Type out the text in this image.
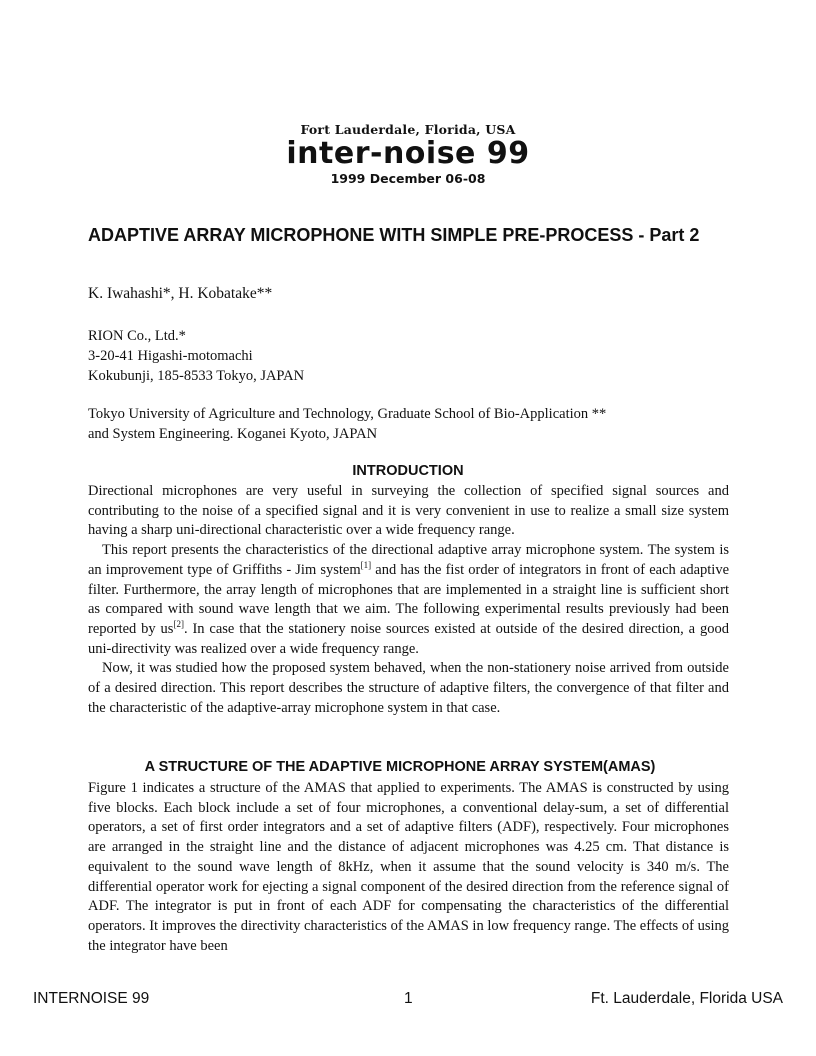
Fort Lauderdale, Florida, USA
inter-noise 99
1999 December 06-08
ADAPTIVE ARRAY MICROPHONE WITH SIMPLE PRE-PROCESS - Part 2
K. Iwahashi*, H. Kobatake**
RION Co., Ltd.*
3-20-41 Higashi-motomachi
Kokubunji, 185-8533 Tokyo, JAPAN
Tokyo University of Agriculture and Technology, Graduate School of Bio-Application **
and System Engineering. Koganei Kyoto, JAPAN
INTRODUCTION

Directional microphones are very useful in surveying the collection of specified signal sources and contributing to the noise of a specified signal and it is very convenient in use to realize a small size system having a sharp uni-directional characteristic over a wide frequency range.

This report presents the characteristics of the directional adaptive array microphone system. The system is an improvement type of Griffiths - Jim system[1] and has the fist order of integrators in front of each adaptive filter. Furthermore, the array length of microphones that are implemented in a straight line is sufficient short as compared with sound wave length that we aim. The following experimental results previously had been reported by us[2]. In case that the stationery noise sources existed at outside of the desired direction, a good uni-directivity was realized over a wide frequency range.

Now, it was studied how the proposed system behaved, when the non-stationery noise arrived from outside of a desired direction. This report describes the structure of adaptive filters, the convergence of that filter and the characteristic of the adaptive-array microphone system in that case.

A STRUCTURE OF THE ADAPTIVE MICROPHONE ARRAY SYSTEM(AMAS)

Figure 1 indicates a structure of the AMAS that applied to experiments. The AMAS is constructed by using five blocks. Each block include a set of four microphones, a conventional delay-sum, a set of differential operators, a set of first order integrators and a set of adaptive filters (ADF), respectively. Four microphones are arranged in the straight line and the distance of adjacent microphones was 4.25 cm. That distance is equivalent to the sound wave length of 8kHz, when it assume that the sound velocity is 340 m/s. The differential operator work for ejecting a signal component of the desired direction from the reference signal of ADF. The integrator is put in front of each ADF for compensating the characteristics of the differential operators. It improves the directivity characteristics of the AMAS in low frequency range. The effects of using the integrator have been

INTERNOISE 99	1	Ft. Lauderdale, Florida USA
